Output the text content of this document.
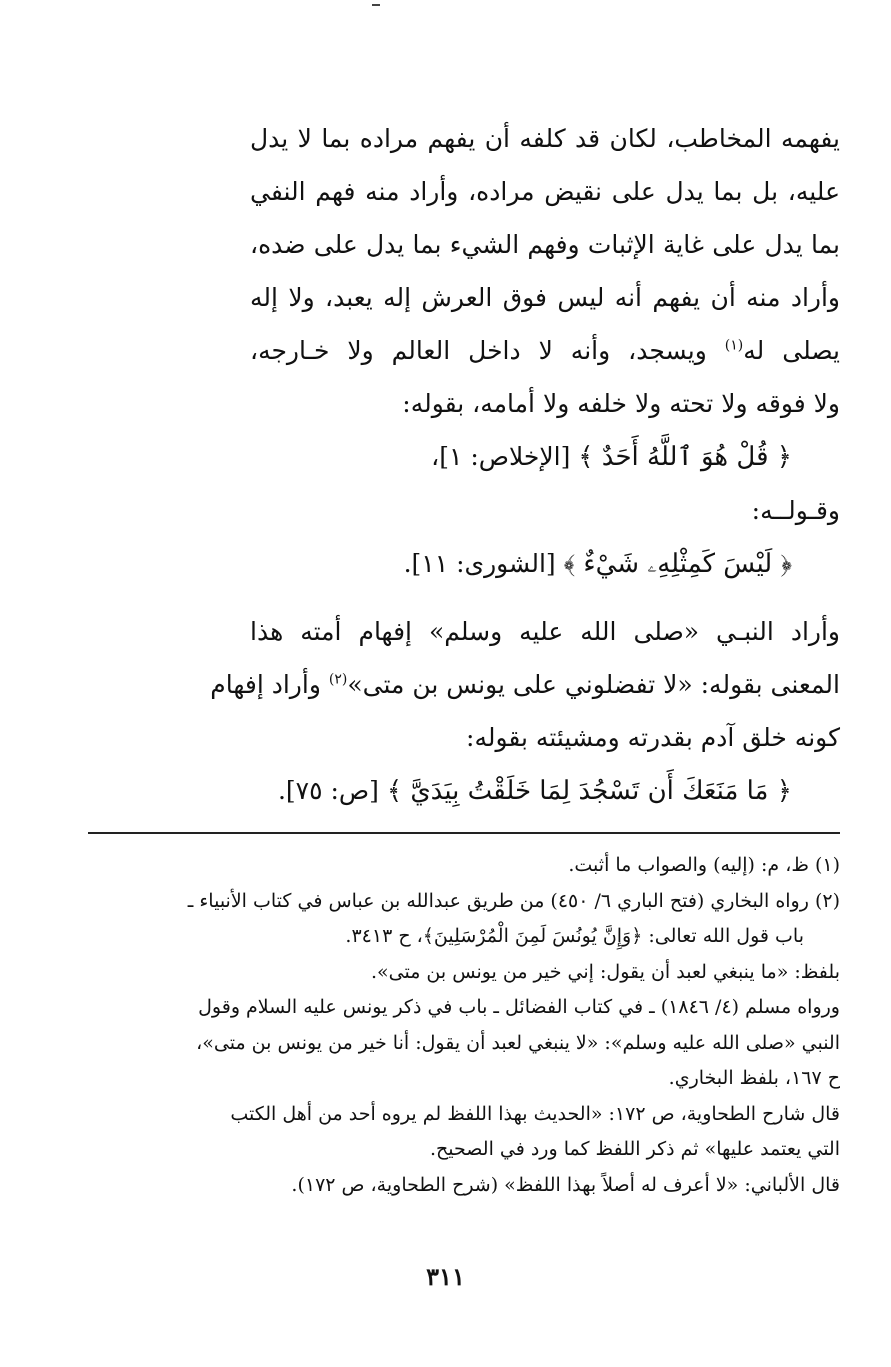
يفهمه المخاطب، لكان قد كلفه أن يفهم مراده بما لا يدل
عليه، بل بما يدل على نقيض مراده، وأراد منه فهم النفي
بما يدل على غاية الإثبات وفهم الشيء بما يدل على ضده،
وأراد منه أن يفهم أنه ليس فوق العرش إله يعبد، ولا إله
يصلى له$^{(١)}$ ويسجد، وأنه لا داخل العالم ولا خـارجه،
ولا فوقه ولا تحته ولا خلفه ولا أمامه، بقوله:
﴿ قُلْ هُوَ ٱللَّهُ أَحَدٌ ﴾ [الإخلاص: ١]،
وقـولــه:
﴿ لَيْسَ كَمِثْلِهِۦ شَيْءٌ ﴾ [الشورى: ١١].
وأراد النبـي «صلى الله عليه وسلم» إفهام أمته هذا
المعنى بقوله: «لا تفضلوني على يونس بن متى»$^{(٢)}$ وأراد إفهام
كونه خلق آدم بقدرته ومشيئته بقوله:
﴿ مَا مَنَعَكَ أَن تَسْجُدَ لِمَا خَلَقْتُ بِيَدَيَّ ﴾ [ص: ٧٥].
(١) ظ، م: (إليه) والصواب ما أثبت.
(٢) رواه البخاري (فتح الباري ٦/ ٤٥٠) من طريق عبدالله بن عباس في كتاب الأنبياء ـ
باب قول الله تعالى: ﴿وَإِنَّ يُونُسَ لَمِنَ الْمُرْسَلِينَ﴾، ح ٣٤١٣.
بلفظ: «ما ينبغي لعبد أن يقول: إني خير من يونس بن متى».
ورواه مسلم (٤/ ١٨٤٦) ـ في كتاب الفضائل ـ باب في ذكر يونس عليه السلام وقول
النبي «صلى الله عليه وسلم»: «لا ينبغي لعبد أن يقول: أنا خير من يونس بن متى»،
ح ١٦٧، بلفظ البخاري.
قال شارح الطحاوية، ص ١٧٢: «الحديث بهذا اللفظ لم يروه أحد من أهل الكتب
التي يعتمد عليها» ثم ذكر اللفظ كما ورد في الصحيح.
قال الألباني: «لا أعرف له أصلاً بهذا اللفظ» (شرح الطحاوية، ص ١٧٢).
٣١١
